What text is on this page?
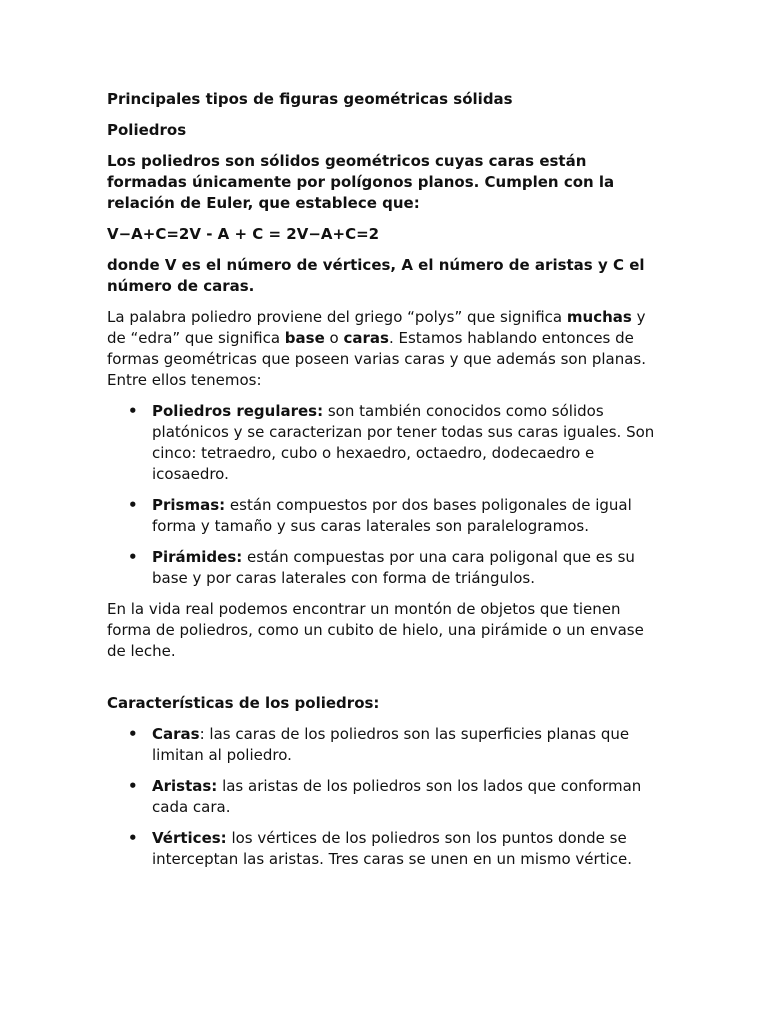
Principales tipos de figuras geométricas sólidas

Poliedros

Los poliedros son sólidos geométricos cuyas caras están formadas únicamente por polígonos planos. Cumplen con la relación de Euler, que establece que:

V−A+C=2V - A + C = 2V−A+C=2

donde V es el número de vértices, A el número de aristas y C el número de caras.

La palabra poliedro proviene del griego “polys” que significa muchas y de “edra” que significa base o caras. Estamos hablando entonces de formas geométricas que poseen varias caras y que además son planas. Entre ellos tenemos:

• Poliedros regulares: son también conocidos como sólidos platónicos y se caracterizan por tener todas sus caras iguales. Son cinco: tetraedro, cubo o hexaedro, octaedro, dodecaedro e icosaedro.
• Prismas: están compuestos por dos bases poligonales de igual forma y tamaño y sus caras laterales son paralelogramos.
• Pirámides: están compuestas por una cara poligonal que es su base y por caras laterales con forma de triángulos.

En la vida real podemos encontrar un montón de objetos que tienen forma de poliedros, como un cubito de hielo, una pirámide o un envase de leche.

Características de los poliedros:

• Caras: las caras de los poliedros son las superficies planas que limitan al poliedro.
• Aristas: las aristas de los poliedros son los lados que conforman cada cara.
• Vértices: los vértices de los poliedros son los puntos donde se interceptan las aristas. Tres caras se unen en un mismo vértice.
